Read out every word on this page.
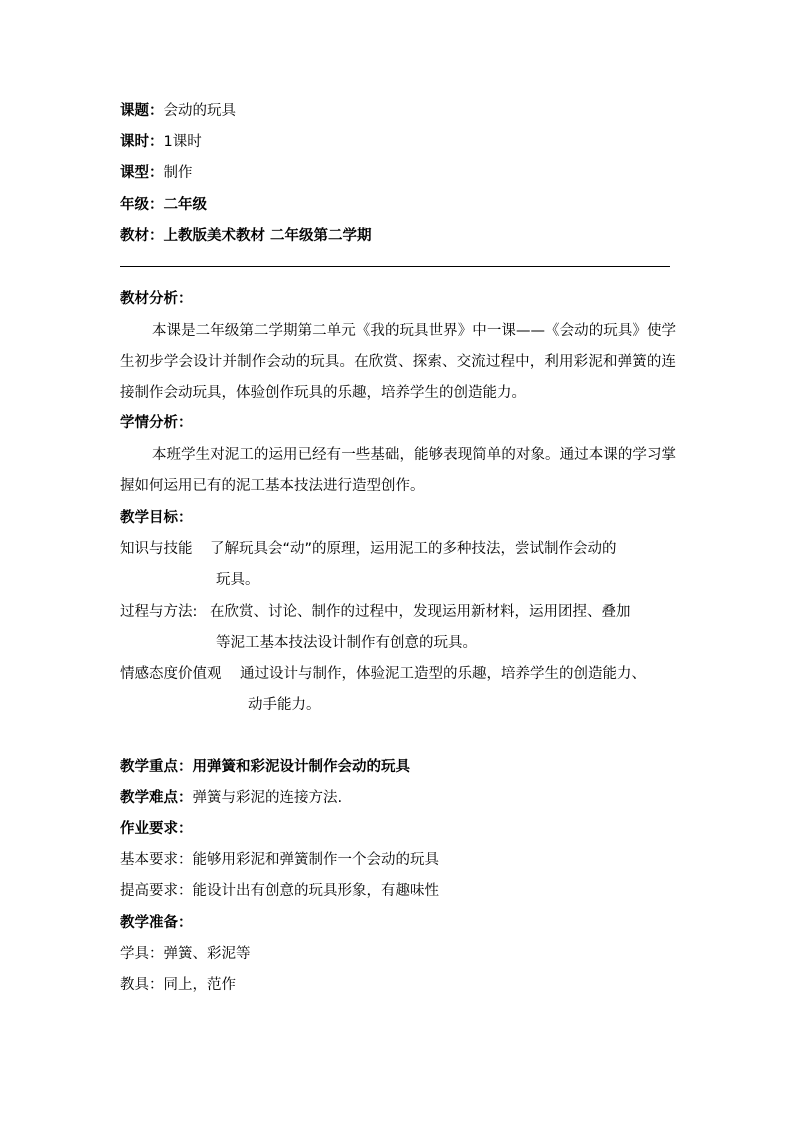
课题：会动的玩具
课时：1课时
课型：制作
年级：二年级
教材：上教版美术教材 二年级第二学期
教材分析：
本课是二年级第二学期第二单元《我的玩具世界》中一课——《会动的玩具》使学生初步学会设计并制作会动的玩具。在欣赏、探索、交流过程中，利用彩泥和弹簧的连接制作会动玩具，体验创作玩具的乐趣，培养学生的创造能力。
学情分析：
本班学生对泥工的运用已经有一些基础，能够表现简单的对象。通过本课的学习掌握如何运用已有的泥工基本技法进行造型创作。
教学目标：
知识与技能 了解玩具会“动”的原理，运用泥工的多种技法，尝试制作会动的
玩具。
过程与方法: 在欣赏、讨论、制作的过程中，发现运用新材料，运用团捏、叠加
等泥工基本技法设计制作有创意的玩具。
情感态度价值观 通过设计与制作，体验泥工造型的乐趣，培养学生的创造能力、
动手能力。
教学重点：用弹簧和彩泥设计制作会动的玩具
教学难点：弹簧与彩泥的连接方法.
作业要求：
基本要求：能够用彩泥和弹簧制作一个会动的玩具
提高要求：能设计出有创意的玩具形象，有趣味性
教学准备：
学具：弹簧、彩泥等
教具：同上，范作
